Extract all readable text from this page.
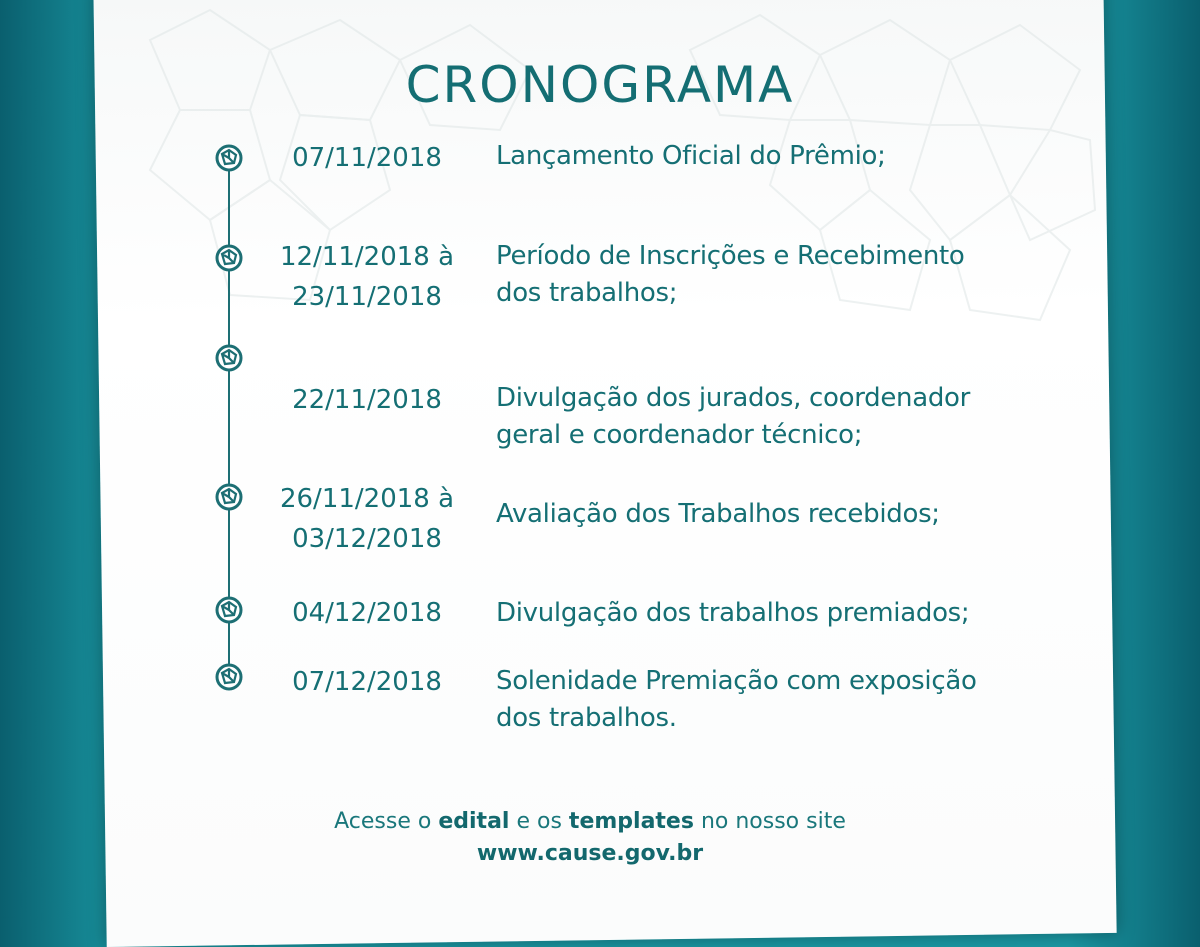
CRONOGRAMA
07/11/2018
12/11/2018 à
23/11/2018
22/11/2018
26/11/2018 à
03/12/2018
04/12/2018
07/12/2018
Lançamento Oficial do Prêmio;
Período de Inscrições e Recebimento
dos trabalhos;
Divulgação dos jurados, coordenador
geral e coordenador técnico;
Avaliação dos Trabalhos recebidos;
Divulgação dos trabalhos premiados;
Solenidade Premiação com exposição
dos trabalhos.
Acesse o edital e os templates no nosso site
www.cause.gov.br
